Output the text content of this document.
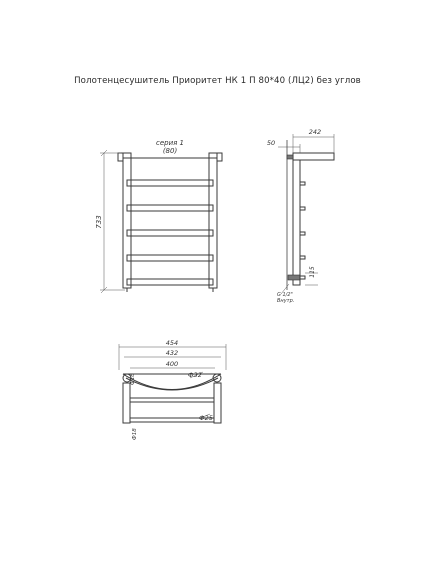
Полотенцесушитель Приоритет НК 1 П 80*40 (ЛЦ2) без углов
733
серия 1
(80)
242
50
115
G 1/2"
Внутр.
454
432
400
Ф32
Ф18
Ф25
Ф18
